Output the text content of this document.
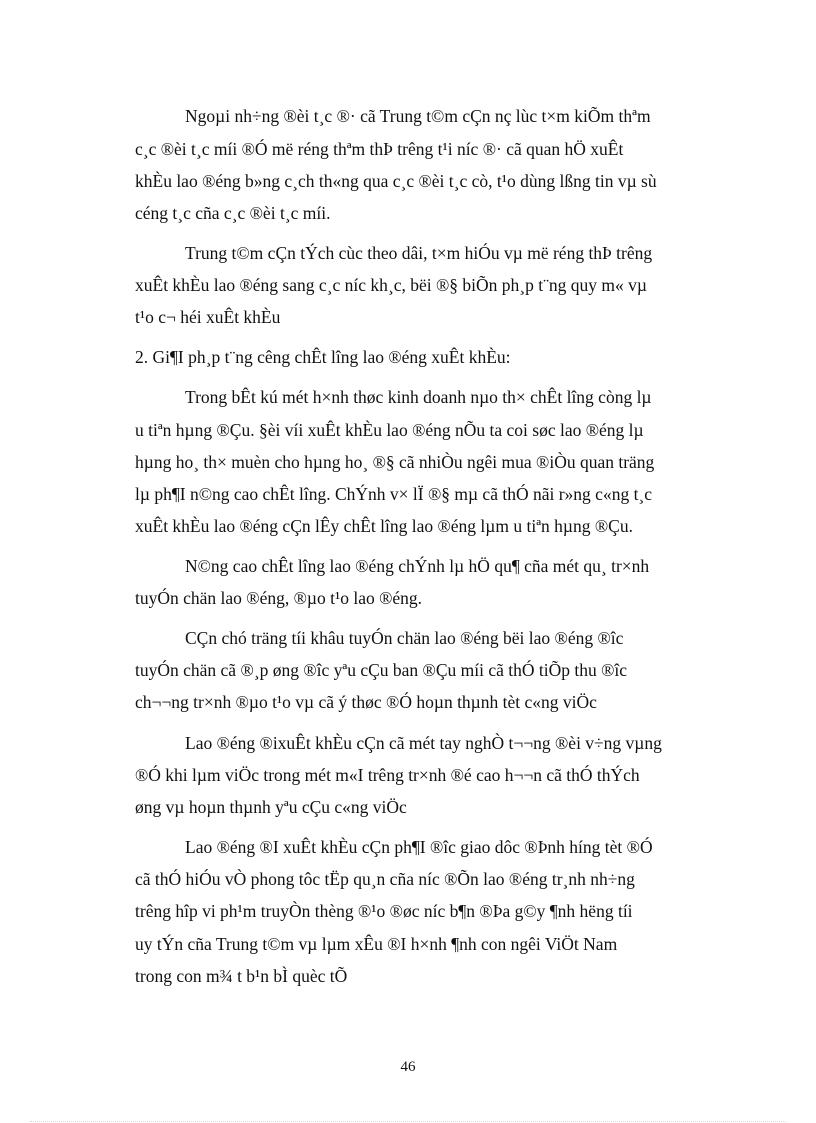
Ngoµi nh÷ng ®èi t¸c ®· cã Trung t©m cÇn nç lùc t×m kiÕm thªm

c¸c ®èi t¸c míi ®Ó më réng thªm thÞ trêng t¹i níc ®· cã quan hÖ xuÊt

khÈu lao ®éng b»ng c¸ch th«ng qua c¸c ®èi t¸c cò, t¹o dùng lßng tin vµ sù

céng t¸c cña c¸c ®èi t¸c míi.

Trung t©m cÇn tÝch cùc theo dâi, t×m hiÓu vµ më réng thÞ trêng

xuÊt khÈu lao ®éng sang c¸c níc kh¸c, bëi ®§ biÕn ph¸p t¨ng quy m« vµ

t¹o c¬ héi xuÊt khÈu

2. Gi¶I ph¸p t¨ng cêng chÊt lîng lao ®éng xuÊt khÈu:

Trong bÊt kú mét h×nh thøc kinh doanh nµo th× chÊt lîng còng lµ

u tiªn hµng ®Çu. §èi víi xuÊt khÈu lao ®éng nÕu ta coi søc lao ®éng lµ

hµng ho¸ th× muèn cho hµng ho¸ ®§ cã nhiÒu ngêi mua ®iÒu quan träng

lµ ph¶I n©ng cao chÊt lîng. ChÝnh v× lÏ ®§ mµ cã thÓ nãi r»ng c«ng t¸c

xuÊt khÈu lao ®éng cÇn lÊy chÊt lîng lao ®éng lµm u tiªn hµng ®Çu.

N©ng cao chÊt lîng lao ®éng chÝnh lµ hÖ qu¶ cña mét qu¸ tr×nh

tuyÓn chän lao ®éng, ®µo t¹o lao ®éng.

CÇn chó träng tíi khâu tuyÓn chän lao ®éng bëi lao ®éng ®îc

tuyÓn chän cã ®¸p øng ®îc yªu cÇu ban ®Çu míi cã thÓ tiÕp thu ®îc

ch¬¬ng tr×nh ®µo t¹o vµ cã ý thøc ®Ó hoµn thµnh tèt c«ng viÖc

Lao ®éng ®ixuÊt khÈu cÇn cã mét tay nghÒ t¬¬ng ®èi v÷ng vµng

®Ó khi lµm viÖc trong mét m«I trêng tr×nh ®é cao h¬¬n cã thÓ thÝch

øng vµ hoµn thµnh yªu cÇu c«ng viÖc

Lao ®éng ®I xuÊt khÈu cÇn ph¶I ®îc giao dôc ®Þnh híng tèt ®Ó

cã thÓ hiÓu vÒ phong tôc tËp qu¸n cña níc ®Õn lao ®éng tr¸nh nh÷ng

trêng hîp vi ph¹m truyÒn thèng ®¹o ®øc níc b¶n ®Þa g©y ¶nh hëng tíi

uy tÝn cña Trung t©m vµ lµm xÊu ®I h×nh ¶nh con ngêi ViÖt Nam

trong con m¾ t b¹n bÌ quèc tÕ

46
